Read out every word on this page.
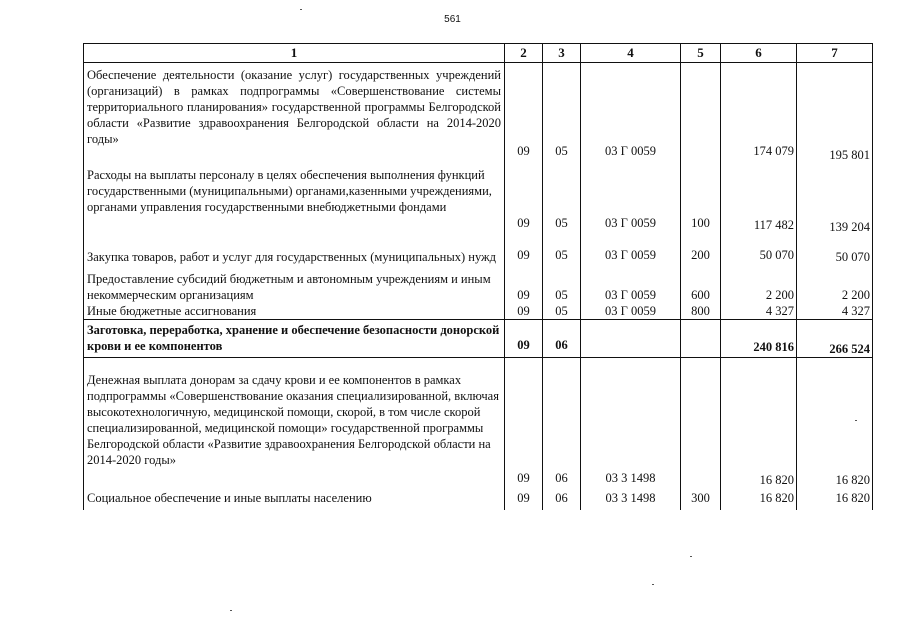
561
1	2	3	4	5	6	7
Обеспечение деятельности (оказание услуг) государственных учреждений (организаций) в рамках подпрограммы «Совершенствование системы территориального планирования» государственной программы Белгородской области «Развитие здравоохранения Белгородской области на 2014-2020 годы»	09	05	03 Г 0059		174 079	195 801
Расходы на выплаты персоналу в целях обеспечения выполнения функций государственными (муниципальными) органами,казенными учреждениями, органами управления государственными внебюджетными фондами	09	05	03 Г 0059	100	117 482	139 204
Закупка товаров, работ и услуг для государственных (муниципальных) нужд	09	05	03 Г 0059	200	50 070	50 070
Предоставление субсидий бюджетным и автономным учреждениям и иным некоммерческим организациям	09	05	03 Г 0059	600	2 200	2 200
Иные бюджетные ассигнования	09	05	03 Г 0059	800	4 327	4 327
Заготовка, переработка, хранение и обеспечение безопасности донорской крови и ее компонентов	09	06			240 816	266 524
Денежная выплата донорам за сдачу крови и ее компонентов в рамках подпрограммы «Совершенствование оказания специализированной, включая высокотехнологичную, медицинской помощи, скорой, в том числе скорой специализированной, медицинской помощи» государственной программы Белгородской области «Развитие здравоохранения Белгородской области на 2014-2020 годы»	09	06	03 3 1498		16 820	16 820
Социальное обеспечение и иные выплаты населению	09	06	03 3 1498	300	16 820	16 820
